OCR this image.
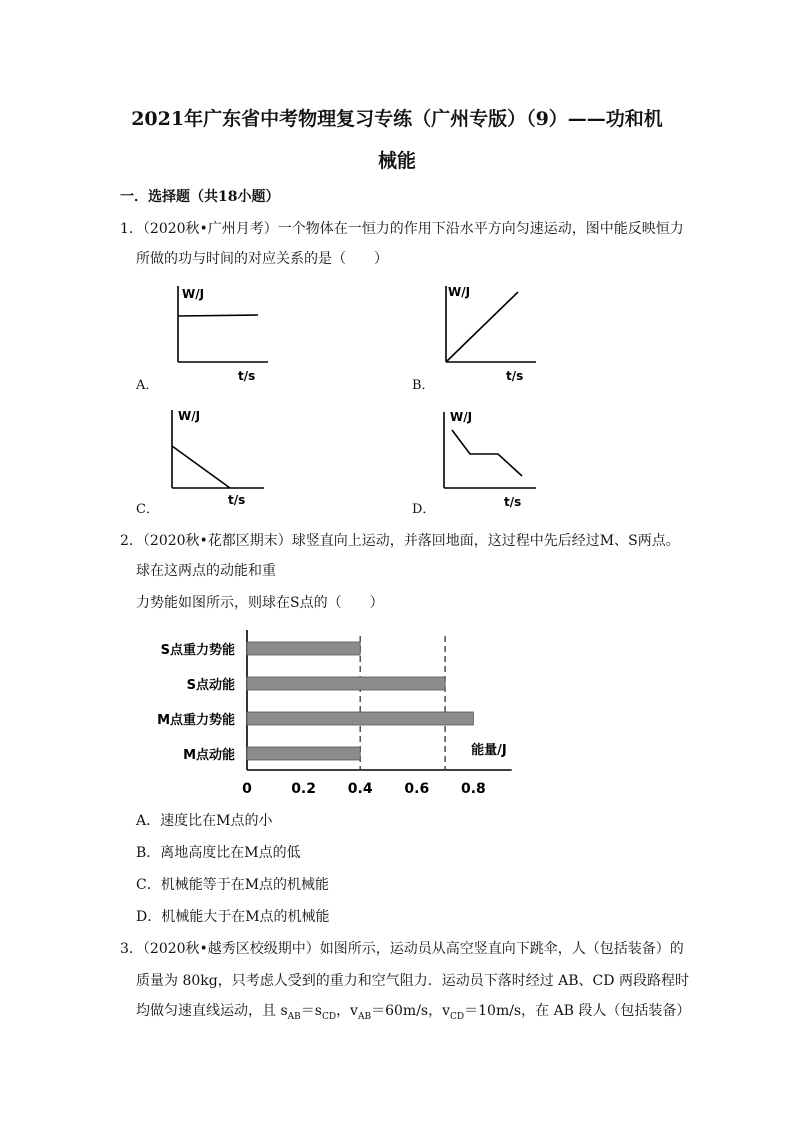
2021年广东省中考物理复习专练（广州专版）（9）——功和机
械能
一．选择题（共18小题）
1．（2020秋•广州月考）一个物体在一恒力的作用下沿水平方向匀速运动，图中能反映恒力
所做的功与时间的对应关系的是（　　）
A．
W/J
t/s
B．
W/J
t/s
C．
W/J
t/s
D．
W/J
t/s
2．（2020秋•花都区期末）球竖直向上运动，并落回地面，这过程中先后经过M、S两点。
球在这两点的动能和重
力势能如图所示，则球在S点的（　　）
S点重力势能
S点动能
M点重力势能
M点动能
0	0.2 0.4 0.6 0.8
能量/J
A．速度比在M点的小
B．离地高度比在M点的低
C．机械能等于在M点的机械能
D．机械能大于在M点的机械能
3．（2020秋•越秀区校级期中）如图所示，运动员从高空竖直向下跳伞，人（包括装备）的
质量为 80kg，只考虑人受到的重力和空气阻力．运动员下落时经过 AB、CD 两段路程时
均做匀速直线运动，且 $s_{AB}=s_{CD}$，$v_{AB}=60m/s$，$v_{CD}=10m/s$，在 AB 段人（包括装备）
